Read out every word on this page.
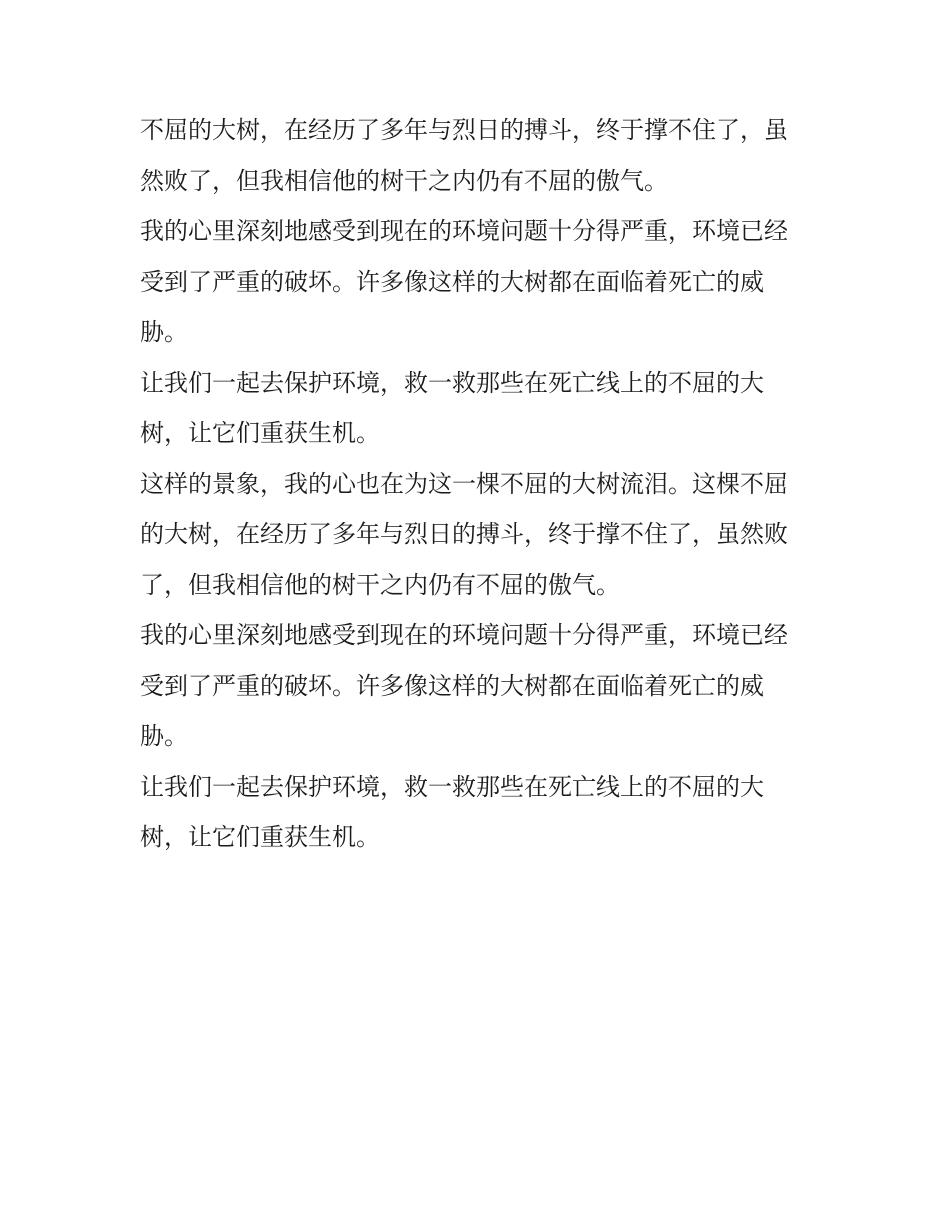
不屈的大树，在经历了多年与烈日的搏斗，终于撑不住了，虽
然败了，但我相信他的树干之内仍有不屈的傲气。
我的心里深刻地感受到现在的环境问题十分得严重，环境已经
受到了严重的破坏。许多像这样的大树都在面临着死亡的威
胁。
让我们一起去保护环境，救一救那些在死亡线上的不屈的大
树，让它们重获生机。
这样的景象，我的心也在为这一棵不屈的大树流泪。这棵不屈
的大树，在经历了多年与烈日的搏斗，终于撑不住了，虽然败
了，但我相信他的树干之内仍有不屈的傲气。
我的心里深刻地感受到现在的环境问题十分得严重，环境已经
受到了严重的破坏。许多像这样的大树都在面临着死亡的威
胁。
让我们一起去保护环境，救一救那些在死亡线上的不屈的大
树，让它们重获生机。
